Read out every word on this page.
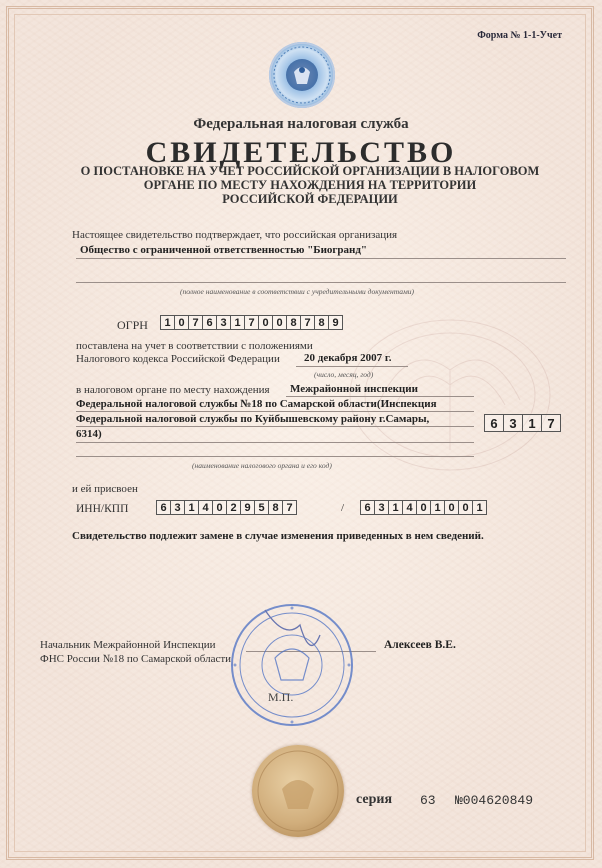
Форма № 1-1-Учет
Федеральная налоговая служба
СВИДЕТЕЛЬСТВО
О ПОСТАНОВКЕ НА УЧЕТ РОССИЙСКОЙ ОРГАНИЗАЦИИ В НАЛОГОВОМ
ОРГАНЕ ПО МЕСТУ НАХОЖДЕНИЯ НА ТЕРРИТОРИИ
РОССИЙСКОЙ ФЕДЕРАЦИИ
Настоящее свидетельство подтверждает, что российская организация
Общество с ограниченной ответственностью "Биогранд"
(полное наименование в соответствии с учредительными документами)
ОГРН	1 0 7 6 3 1 7 0 0 8 7 8 9
поставлена на учет в соответствии с положениями
Налогового кодекса Российской Федерации 20 декабря 2007 г.
(число, месяц, год)
в налоговом органе по месту нахождения Межрайонной инспекции
Федеральной налоговой службы №18 по Самарской области(Инспекция
Федеральной налоговой службы по Куйбышевскому району г.Самары,
6314)
6 3 1 7
(наименование налогового органа и его код)
и ей присвоен
ИНН/КПП	6 3 1 4 0 2 9 5 8 7	/	6 3 1 4 0 1 0 0 1
Свидетельство подлежит замене в случае изменения приведенных в нем сведений.
Начальник Межрайонной Инспекции
ФНС России №18 по Самарской области
Алексеев В.Е.
М.П.
серия 63 №004620849
